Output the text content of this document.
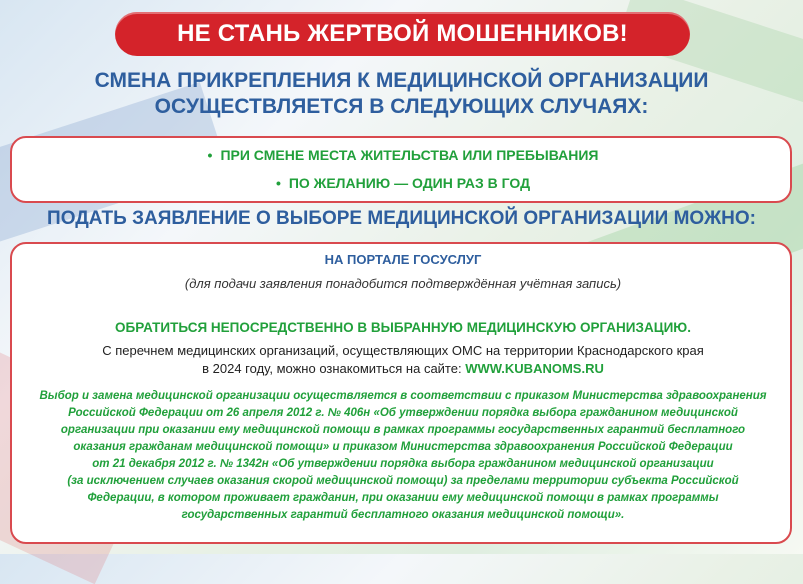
НЕ СТАНЬ ЖЕРТВОЙ МОШЕННИКОВ!
СМЕНА ПРИКРЕПЛЕНИЯ К МЕДИЦИНСКОЙ ОРГАНИЗАЦИИ
ОСУЩЕСТВЛЯЕТСЯ В СЛЕДУЮЩИХ СЛУЧАЯХ:
• ПРИ СМЕНЕ МЕСТА ЖИТЕЛЬСТВА ИЛИ ПРЕБЫВАНИЯ
• ПО ЖЕЛАНИЮ — ОДИН РАЗ В ГОД
ПОДАТЬ ЗАЯВЛЕНИЕ О ВЫБОРЕ МЕДИЦИНСКОЙ ОРГАНИЗАЦИИ МОЖНО:
НА ПОРТАЛЕ ГОСУСЛУГ
(для подачи заявления понадобится подтверждённая учётная запись)
ОБРАТИТЬСЯ НЕПОСРЕДСТВЕННО В ВЫБРАННУЮ МЕДИЦИНСКУЮ ОРГАНИЗАЦИЮ.
С перечнем медицинских организаций, осуществляющих ОМС на территории Краснодарского края
в 2024 году, можно ознакомиться на сайте: WWW.KUBANOMS.RU
Выбор и замена медицинской организации осуществляется в соответствии с приказом Министерства здравоохранения
Российской Федерации от 26 апреля 2012 г. № 406н «Об утверждении порядка выбора гражданином медицинской
организации при оказании ему медицинской помощи в рамках программы государственных гарантий бесплатного
оказания гражданам медицинской помощи» и приказом Министерства здравоохранения Российской Федерации
от 21 декабря 2012 г. № 1342н «Об утверждении порядка выбора гражданином медицинской организации
(за исключением случаев оказания скорой медицинской помощи) за пределами территории субъекта Российской
Федерации, в котором проживает гражданин, при оказании ему медицинской помощи в рамках программы
государственных гарантий бесплатного оказания медицинской помощи».
